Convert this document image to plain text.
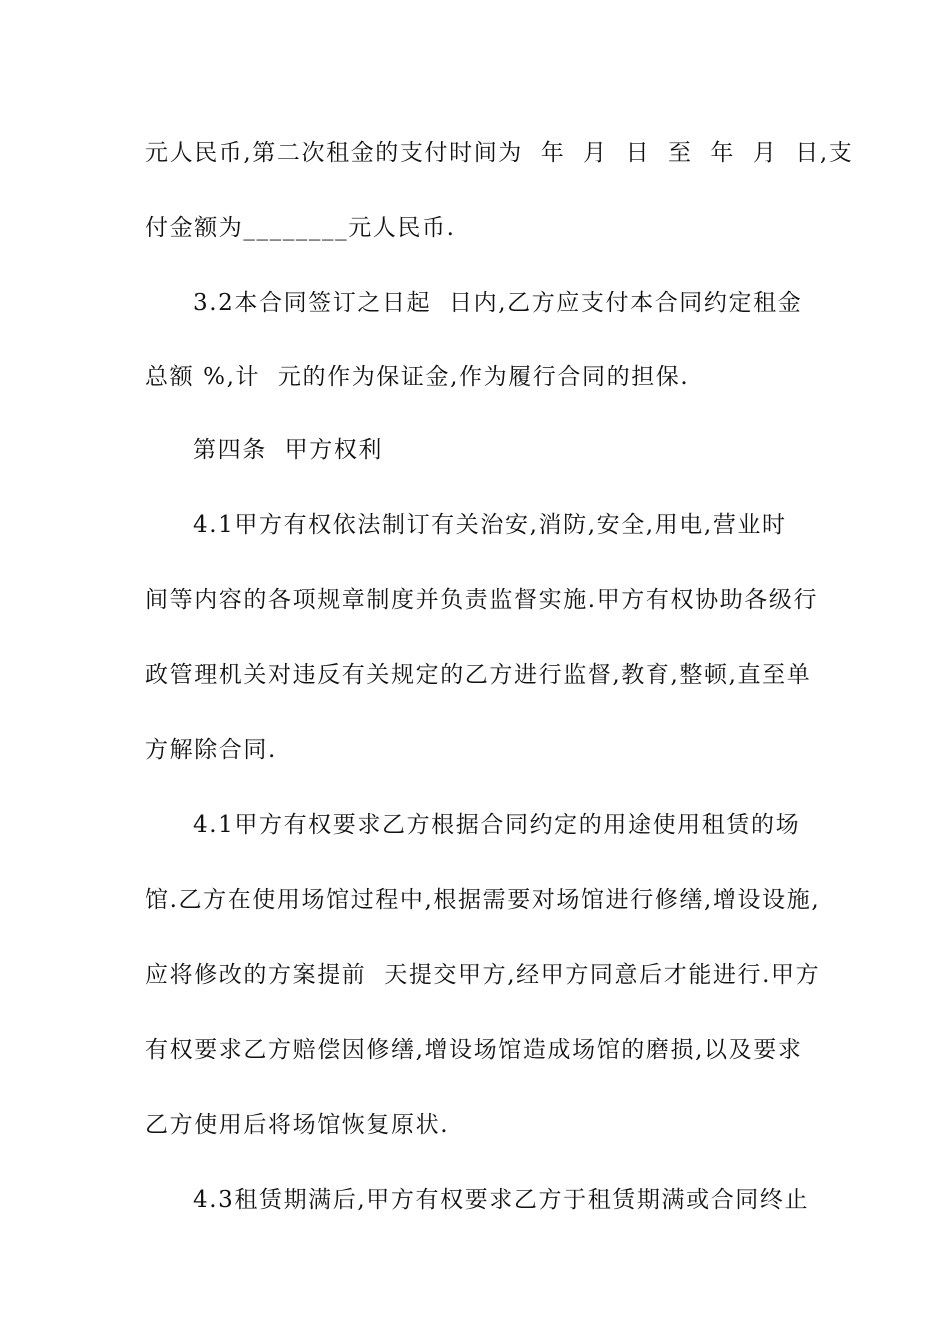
元人民币,第二次租金的支付时间为  年  月  日  至  年  月  日,支
付金额为________元人民币.
3.2本合同签订之日起  日内,乙方应支付本合同约定租金
总额 %,计  元的作为保证金,作为履行合同的担保.
第四条  甲方权利
4.1甲方有权依法制订有关治安,消防,安全,用电,营业时
间等内容的各项规章制度并负责监督实施.甲方有权协助各级行
政管理机关对违反有关规定的乙方进行监督,教育,整顿,直至单
方解除合同.
4.1甲方有权要求乙方根据合同约定的用途使用租赁的场
馆.乙方在使用场馆过程中,根据需要对场馆进行修缮,增设设施,
应将修改的方案提前  天提交甲方,经甲方同意后才能进行.甲方
有权要求乙方赔偿因修缮,增设场馆造成场馆的磨损,以及要求
乙方使用后将场馆恢复原状.
4.3租赁期满后,甲方有权要求乙方于租赁期满或合同终止
